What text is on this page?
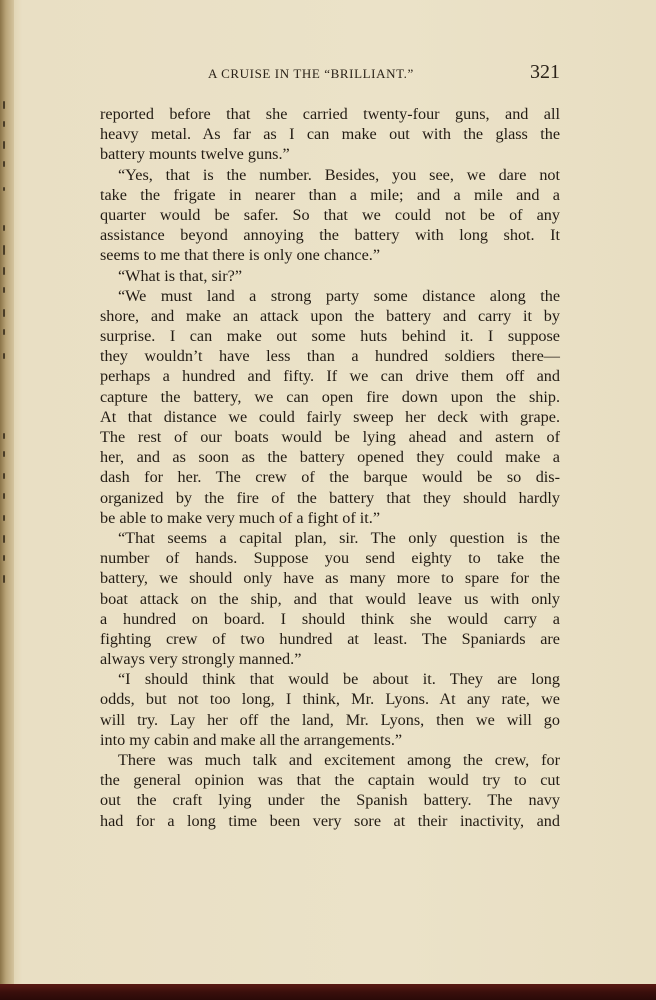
A CRUISE IN THE “BRILLIANT.”	321
reported before that she carried twenty-four guns, and all
heavy metal. As far as I can make out with the glass the
battery mounts twelve guns.”
“Yes, that is the number. Besides, you see, we dare not
take the frigate in nearer than a mile; and a mile and a
quarter would be safer. So that we could not be of any
assistance beyond annoying the battery with long shot. It
seems to me that there is only one chance.”
“What is that, sir?”
“We must land a strong party some distance along the
shore, and make an attack upon the battery and carry it by
surprise. I can make out some huts behind it. I suppose
they wouldn’t have less than a hundred soldiers there—
perhaps a hundred and fifty. If we can drive them off and
capture the battery, we can open fire down upon the ship.
At that distance we could fairly sweep her deck with grape.
The rest of our boats would be lying ahead and astern of
her, and as soon as the battery opened they could make a
dash for her. The crew of the barque would be so dis-
organized by the fire of the battery that they should hardly
be able to make very much of a fight of it.”
“That seems a capital plan, sir. The only question is the
number of hands. Suppose you send eighty to take the
battery, we should only have as many more to spare for the
boat attack on the ship, and that would leave us with only
a hundred on board. I should think she would carry a
fighting crew of two hundred at least. The Spaniards are
always very strongly manned.”
“I should think that would be about it. They are long
odds, but not too long, I think, Mr. Lyons. At any rate, we
will try. Lay her off the land, Mr. Lyons, then we will go
into my cabin and make all the arrangements.”
There was much talk and excitement among the crew, for
the general opinion was that the captain would try to cut
out the craft lying under the Spanish battery. The navy
had for a long time been very sore at their inactivity, and
